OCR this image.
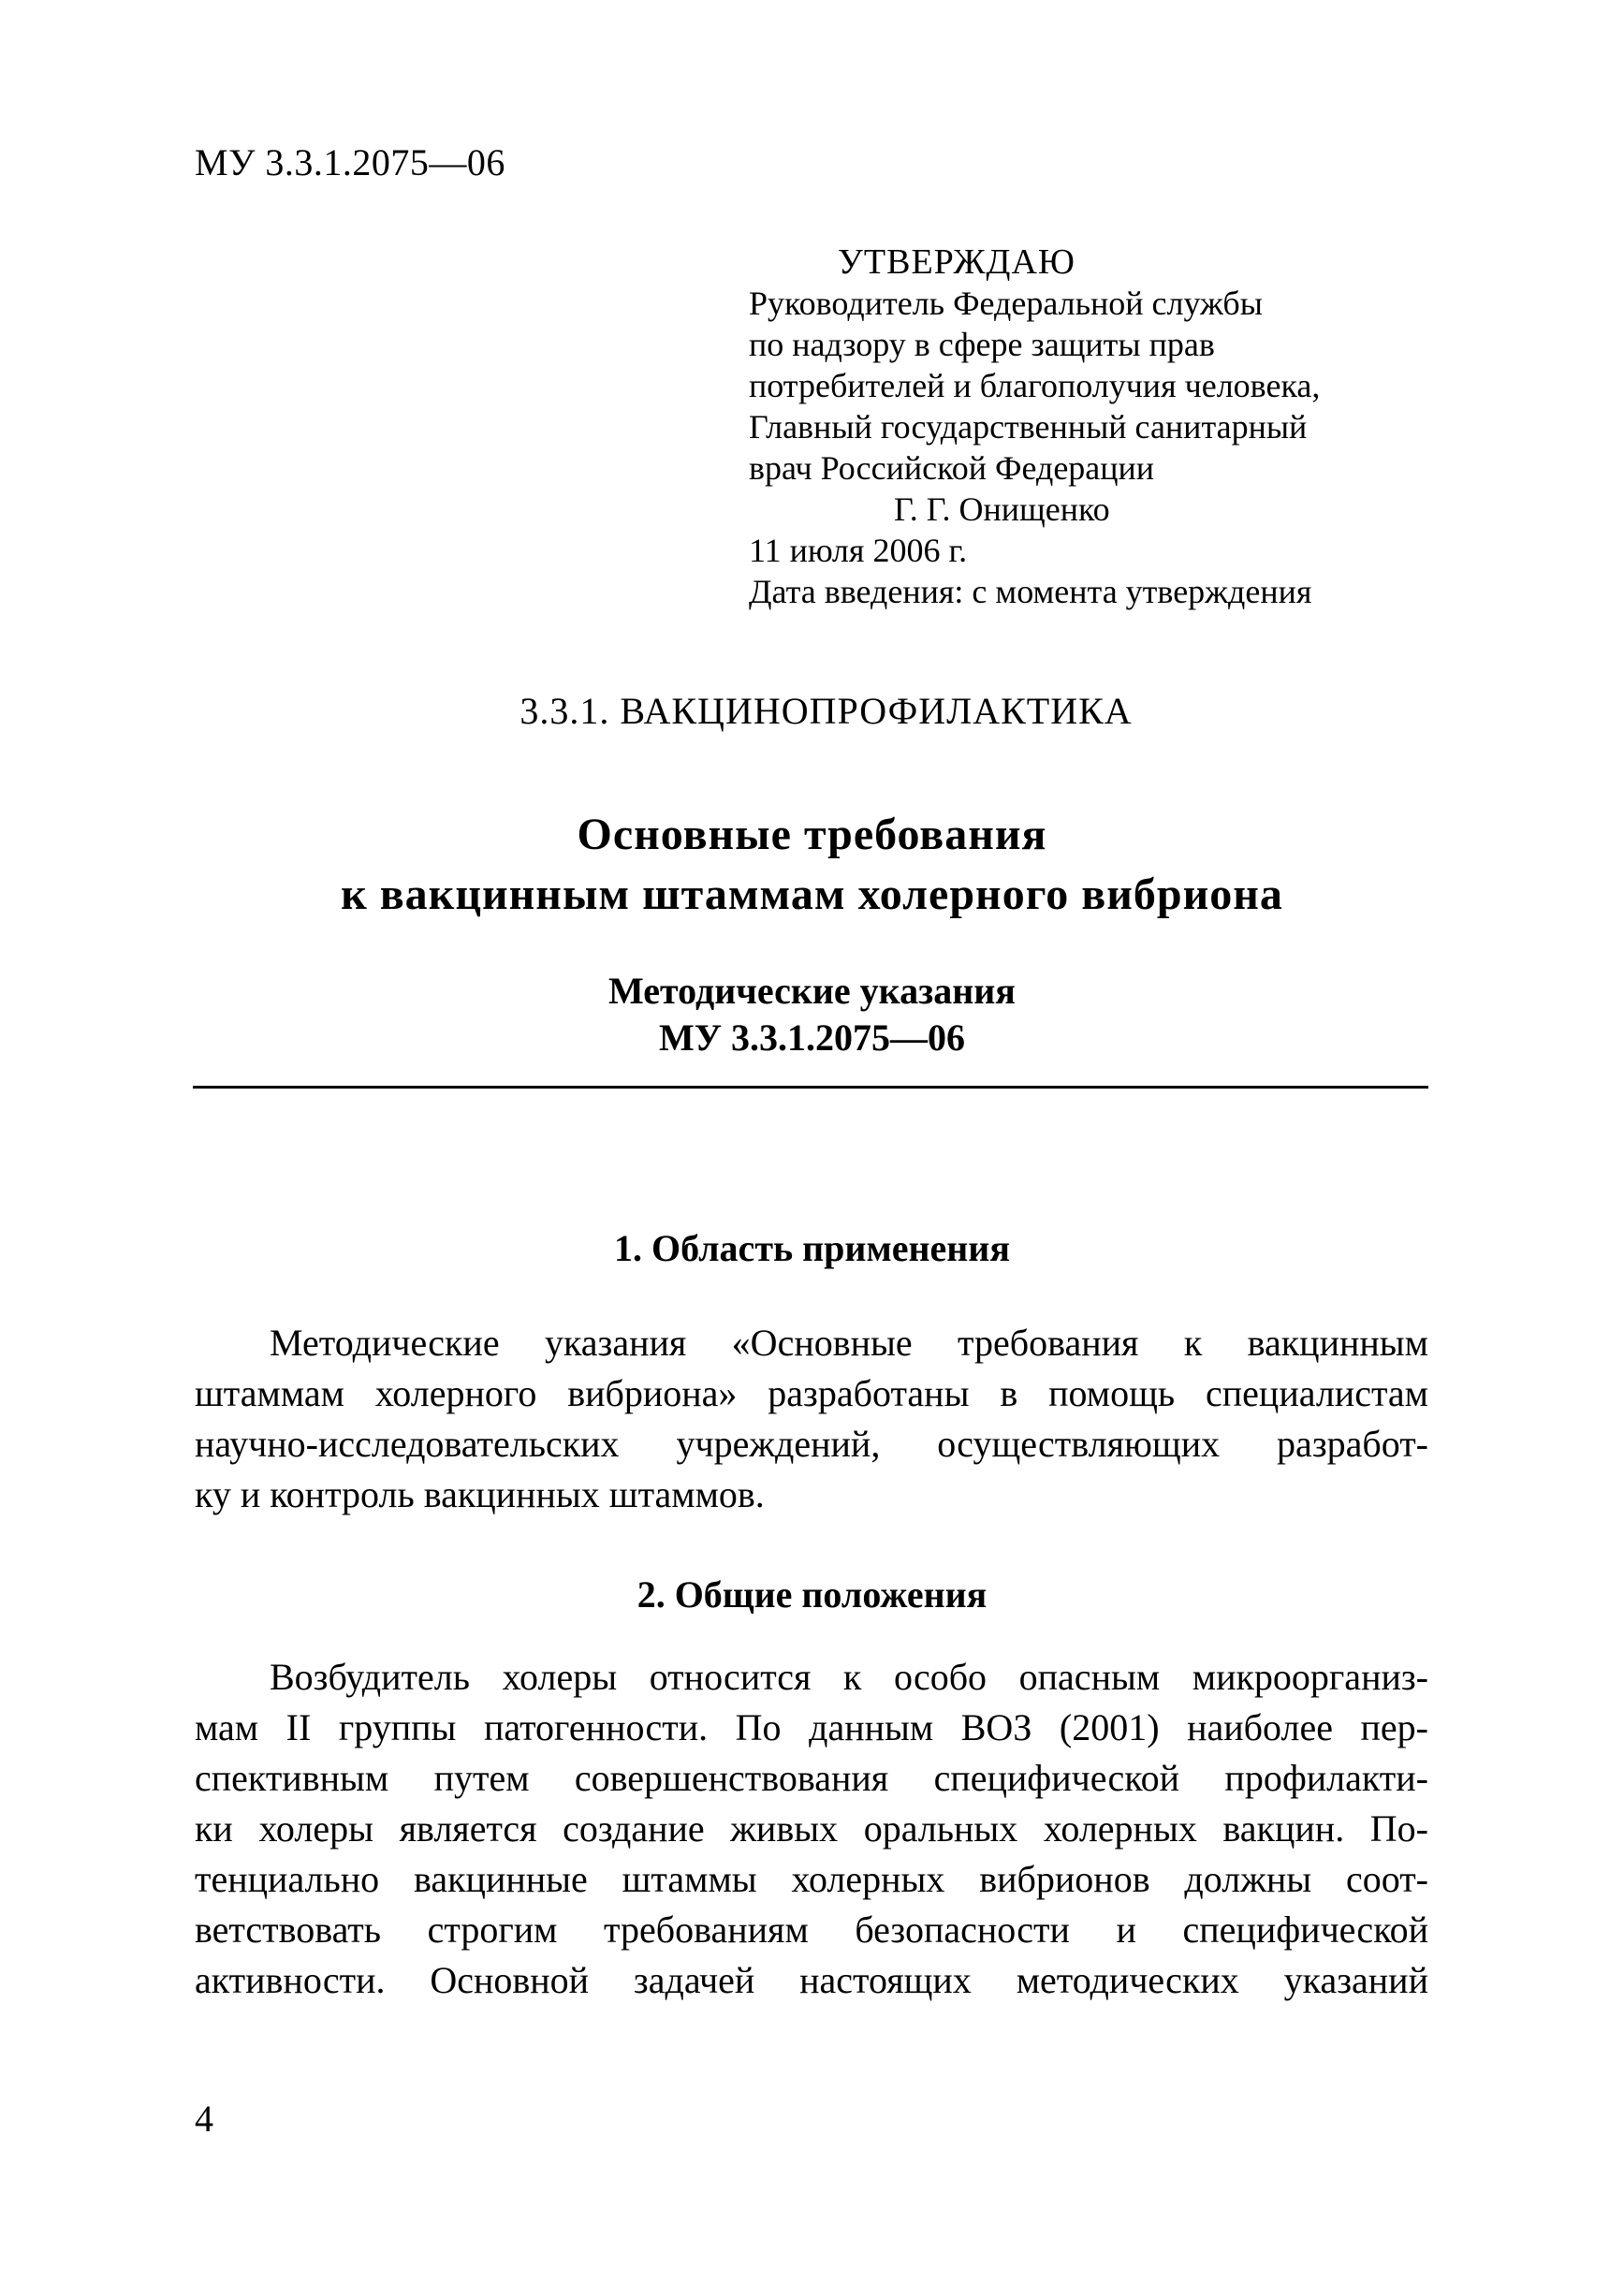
МУ 3.3.1.2075—06
УТВЕРЖДАЮ
Руководитель Федеральной службы
по надзору в сфере защиты прав
потребителей и благополучия человека,
Главный государственный санитарный
врач Российской Федерации
Г. Г. Онищенко
11 июля 2006 г.
Дата введения: с момента утверждения
3.3.1. ВАКЦИНОПРОФИЛАКТИКА
Основные требования
к вакцинным штаммам холерного вибриона
Методические указания
МУ 3.3.1.2075—06
1. Область применения
Методические указания «Основные требования к вакцинным
штаммам холерного вибриона» разработаны в помощь специалистам
научно-исследовательских учреждений, осуществляющих разработ-
ку и контроль вакцинных штаммов.
2. Общие положения
Возбудитель холеры относится к особо опасным микроорганиз-
мам II группы патогенности. По данным ВОЗ (2001) наиболее пер-
спективным путем совершенствования специфической профилакти-
ки холеры является создание живых оральных холерных вакцин. По-
тенциально вакцинные штаммы холерных вибрионов должны соот-
ветствовать строгим требованиям безопасности и специфической
активности. Основной задачей настоящих методических указаний
4
